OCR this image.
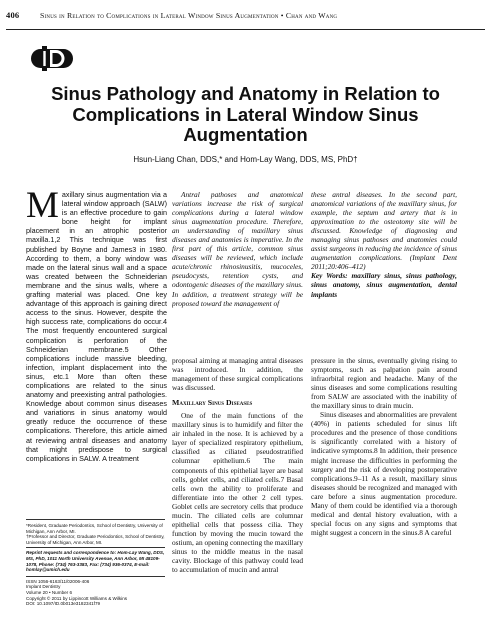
406	Sinus in Relation to Complications in Lateral Window Sinus Augmentation • Chan and Wang
Sinus Pathology and Anatomy in Relation to Complications in Lateral Window Sinus Augmentation
Hsun-Liang Chan, DDS,* and Hom-Lay Wang, DDS, MS, PhD†

Maxillary sinus augmentation via a lateral window approach (SALW) is an effective procedure to gain bone height for implant placement in an atrophic posterior maxilla.1,2 This technique was first published by Boyne and James3 in 1980. According to them, a bony window was made on the lateral sinus wall and a space was created between the Schneiderian membrane and the sinus walls, where a grafting material was placed. One key advantage of this approach is gaining direct access to the sinus. However, despite the high success rate, complications do occur.4 The most frequently encountered surgical complication is perforation of the Schneiderian membrane.5 Other complications include massive bleeding, infection, implant displacement into the sinus, etc.1 More than often these complications are related to the sinus anatomy and preexisting antral pathologies. Knowledge about common sinus diseases and variations in sinus anatomy would greatly reduce the occurrence of these complications. Therefore, this article aimed at reviewing antral diseases and anatomy that might predispose to surgical complications in SALW. A treatment

Antral pathoses and anatomical variations increase the risk of surgical complications during a lateral window sinus augmentation procedure. Therefore, an understanding of maxillary sinus diseases and anatomies is imperative. In the first part of this article, common sinus diseases will be reviewed, which include acute/chronic rhinosinusitis, mucoceles, pseudocysts, retention cysts, and odontogenic diseases of the maxillary sinus. In addition, a treatment strategy will be proposed toward the management of

these antral diseases. In the second part, anatomical variations of the maxillary sinus, for example, the septum and artery that is in approximation to the osteotomy site will be discussed. Knowledge of diagnosing and managing sinus pathoses and anatomies could assist surgeons in reducing the incidence of sinus augmentation complications. (Implant Dent 2011;20:406–412)

Key Words: maxillary sinus, sinus pathology, sinus anatomy, sinus augmentation, dental implants

proposal aiming at managing antral diseases was introduced. In addition, the management of these surgical complications was discussed.

Maxillary Sinus Diseases

One of the main functions of the maxillary sinus is to humidify and filter the air inhaled in the nose. It is achieved by a layer of specialized respiratory epithelium, classified as ciliated pseudostratified columnar epithelium.6 The main components of this epithelial layer are basal cells, goblet cells, and ciliated cells.7 Basal cells own the ability to proliferate and differentiate into the other 2 cell types. Goblet cells are secretory cells that produce mucin. The ciliated cells are columnar epithelial cells that possess cilia. They function by moving the mucin toward the ostium, an opening connecting the maxillary sinus to the middle meatus in the nasal cavity. Blockage of this pathway could lead to accumulation of mucin and antral

pressure in the sinus, eventually giving rising to symptoms, such as palpation pain around infraorbital region and headache. Many of the sinus diseases and some complications resulting from SALW are associated with the inability of the maxillary sinus to drain mucin.

Sinus diseases and abnormalities are prevalent (40%) in patients scheduled for sinus lift procedures and the presence of those conditions is significantly correlated with a history of indicative symptoms.8 In addition, their presence might increase the difficulties in performing the surgery and the risk of developing postoperative complications.9–11 As a result, maxillary sinus diseases should be recognized and managed with care before a sinus augmentation procedure. Many of them could be identified via a thorough medical and dental history evaluation, with a special focus on any signs and symptoms that might suggest a concern in the sinus.8 A careful

*Resident, Graduate Periodontics, School of Dentistry, University of Michigan, Ann Arbor, MI.
†Professor and Director, Graduate Periodontics, School of Dentistry, University of Michigan, Ann Arbor, MI.
Reprint requests and correspondence to: Hom-Lay Wang, DDS, MS, PhD, 1011 North University Avenue, Ann Arbor, MI 48109-1078, Phone: (734) 763-3383, Fax: (734) 936-0374, E-mail: homlay@umich.edu
ISSN 1056-6163/11/02006-406
Implant Dentistry
Volume 20 • Number 6
Copyright © 2011 by Lippincott Williams & Wilkins
DOI: 10.1097/ID.0b013e3182341f79
